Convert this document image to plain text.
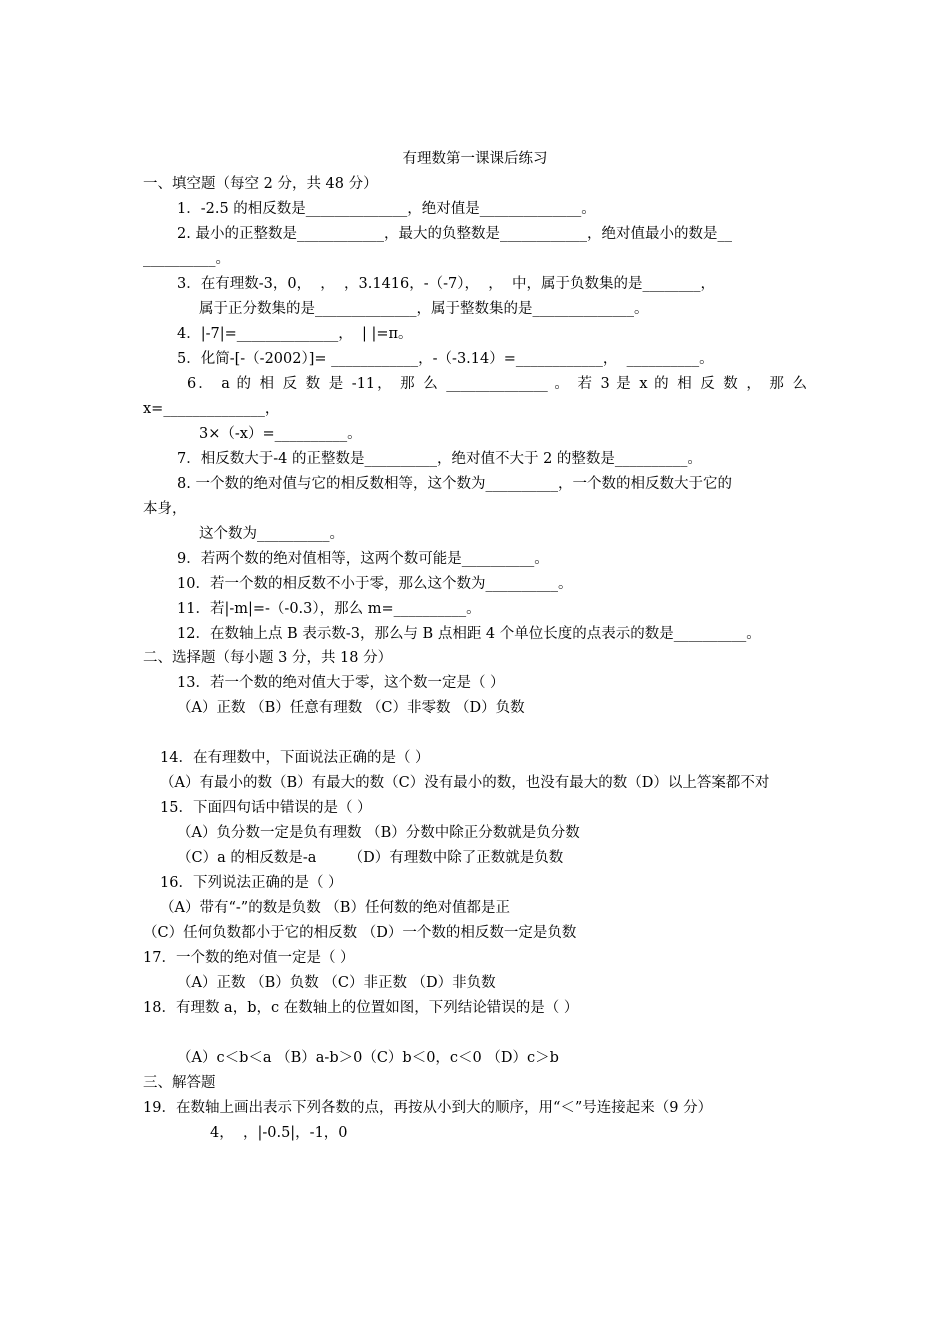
有理数第一课课后练习
一、填空题（每空 2 分，共 48 分）
1．-2.5 的相反数是______________，绝对值是______________。
2. 最小的正整数是____________，最大的负整数是____________，绝对值最小的数是__
__________。
3．在有理数-3，0，  ，  ，3.1416，-（-7），  ，  中，属于负数集的是________，
属于正分数集的是______________，属于整数集的是______________。
4．|-7|=______________，  | |=π。
5．化简-[-（-2002）]= ____________，-（-3.14）=____________，  __________。
6． a 的 相 反 数 是 -11， 那 么 ______________ 。 若 3 是 x 的 相 反 数 ， 那 么
x=______________，
3×（-x）=__________。
7．相反数大于-4 的正整数是__________，绝对值不大于 2 的整数是__________。
8. 一个数的绝对值与它的相反数相等，这个数为__________，一个数的相反数大于它的
本身，
这个数为__________。
9．若两个数的绝对值相等，这两个数可能是__________。
10．若一个数的相反数不小于零，那么这个数为__________。
11．若|-m|=-（-0.3），那么 m=__________。
12．在数轴上点 B 表示数-3，那么与 B 点相距 4 个单位长度的点表示的数是__________。
二、选择题（每小题 3 分，共 18 分）
13．若一个数的绝对值大于零，这个数一定是（ ）
（A）正数 （B）任意有理数 （C）非零数 （D）负数
14．在有理数中，下面说法正确的是（ ）
（A）有最小的数（B）有最大的数（C）没有最小的数，也没有最大的数（D）以上答案都不对
15．下面四句话中错误的是（ ）
（A）负分数一定是负有理数 （B）分数中除正分数就是负分数
（C）a 的相反数是-a       （D）有理数中除了正数就是负数
16．下列说法正确的是（ ）
（A）带有“-”的数是负数 （B）任何数的绝对值都是正
（C）任何负数都小于它的相反数 （D）一个数的相反数一定是负数
17．一个数的绝对值一定是（ ）
（A）正数 （B）负数 （C）非正数 （D）非负数
18．有理数 a，b，c 在数轴上的位置如图，下列结论错误的是（ ）
（A）c＜b＜a （B）a-b＞0（C）b＜0，c＜0 （D）c＞b
三、解答题
19．在数轴上画出表示下列各数的点，再按从小到大的顺序，用“＜”号连接起来（9 分）
4，  ，|-0.5|，-1，0
